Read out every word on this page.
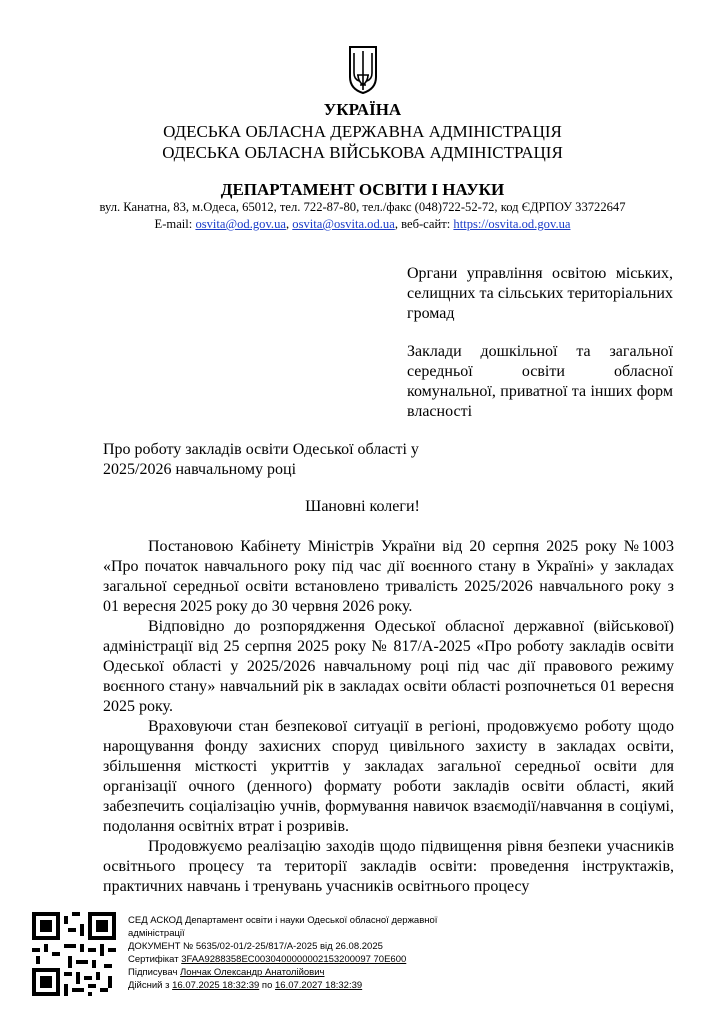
УКРАЇНА
ОДЕСЬКА ОБЛАСНА ДЕРЖАВНА АДМІНІСТРАЦІЯ
ОДЕСЬКА ОБЛАСНА ВІЙСЬКОВА АДМІНІСТРАЦІЯ
ДЕПАРТАМЕНТ ОСВІТИ І НАУКИ
вул. Канатна, 83, м.Одеса, 65012, тел. 722-87-80, тел./факс (048)722-52-72, код ЄДРПОУ 33722647
E-mail: osvita@od.gov.ua, osvita@osvita.od.ua, веб-сайт: https://osvita.od.gov.ua
Органи управління освітою міських, селищних та сільських територіальних громад
Заклади дошкільної та загальної середньої освіти обласної комунальної, приватної та інших форм власності
Про роботу закладів освіти Одеської області у 2025/2026 навчальному році
Шановні колеги!

Постановою Кабінету Міністрів України від 20 серпня 2025 року №1003 «Про початок навчального року під час дії воєнного стану в Україні» у закладах загальної середньої освіти встановлено тривалість 2025/2026 навчального року з 01 вересня 2025 року до 30 червня 2026 року.

Відповідно до розпорядження Одеської обласної державної (військової) адміністрації від 25 серпня 2025 року № 817/А-2025 «Про роботу закладів освіти Одеської області у 2025/2026 навчальному році під час дії правового режиму воєнного стану» навчальний рік в закладах освіти області розпочнеться 01 вересня 2025 року.

Враховуючи стан безпекової ситуації в регіоні, продовжуємо роботу щодо нарощування фонду захисних споруд цивільного захисту в закладах освіти, збільшення місткості укриттів у закладах загальної середньої освіти для організації очного (денного) формату роботи закладів освіти області, який забезпечить соціалізацію учнів, формування навичок взаємодії/навчання в соціумі, подолання освітніх втрат і розривів.

Продовжуємо реалізацію заходів щодо підвищення рівня безпеки учасників освітнього процесу та території закладів освіти: проведення інструктажів, практичних навчань і тренувань учасників освітнього процесу

СЕД АСКОД Департамент освіти і науки Одеської обласної державної
адміністрації
ДОКУМЕНТ № 5635/02-01/2-25/817/А-2025 від 26.08.2025
Сертифікат 3FAA9288358EC0030400000002153200097 70E600
Підписувач Лончак Олександр Анатолійович
Дійсний з 16.07.2025 18:32:39 по 16.07.2027 18:32:39
